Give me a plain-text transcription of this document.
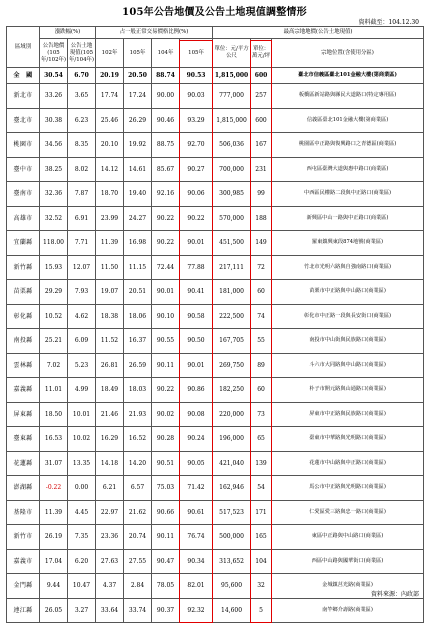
105年公告地價及公告土地現值調整情形
資料截至：104.12.30
區域別	漲跌幅(%)		占一般正常交易價格比例(%)				最高宗地地價(公告土地現值)		
	公告地價(105年/102年)	公告土地現值(105年/104年)	102年	105年	104年	105年	單位：元/平方公尺	單位：萬元/坪	宗地位置(含使用分區)
全　國	30.54	6.70	20.19	20.50	88.74	90.53	1,815,000	600	臺北市信義區臺北101金融大樓(第商業區)
新北市	33.26	3.65	17.74	17.24	90.00	90.03	777,000	257	板橋區新站路與縣民大道路口(特定專用區)
臺北市	30.38	6.23	25.46	26.29	90.46	93.29	1,815,000	600	信義區臺北101金融大樓(第商業區)
桃園市	34.56	8.35	20.10	19.92	88.75	92.70	506,036	167	桃園區中正路與復興路口之青德區(商業區)
臺中市	38.25	8.02	14.12	14.61	85.67	90.27	700,000	231	西屯區臺灣大道與惠中路口(商業區)
臺南市	32.36	7.87	18.70	19.40	92.16	90.06	300,985	99	中西區民權路二段與中正路口(商業區)
高雄市	32.52	6.91	23.99	24.27	90.22	90.22	570,000	188	新興區中山一路與中正路口(商業區)
宜蘭縣	118.00	7.71	11.39	16.98	90.22	90.01	451,500	149	羅東鎮興東段874地號(商業區)
新竹縣	15.93	12.07	11.50	11.15	72.44	77.88	217,111	72	竹北市光明六路與自強南路口(商業區)
苗栗縣	29.29	7.93	19.07	20.51	90.01	90.41	181,000	60	苗栗市中正路與中山路口(商業區)
彰化縣	10.52	4.62	18.38	18.06	90.10	90.58	222,500	74	彰化市中正路一段與長安街口(商業區)
南投縣	25.21	6.09	11.52	16.37	90.55	90.50	167,705	55	南投市中山街與民族路口(商業區)
雲林縣	7.02	5.23	26.81	26.59	90.11	90.01	269,750	89	斗六市大同路與中山路口(商業區)
嘉義縣	11.01	4.99	18.49	18.03	90.22	90.86	182,250	60	朴子市開元路與山通路口(商業區)
屏東縣	18.50	10.01	21.46	21.93	90.02	90.08	220,000	73	屏東市中正路與民族路口(商業區)
臺東縣	16.53	10.02	16.29	16.52	90.28	90.24	196,000	65	臺東市中華路與光明路口(商業區)
花蓮縣	31.07	13.35	14.18	14.20	90.51	90.05	421,040	139	花蓮市中山路與中正路口(商業區)
澎湖縣	-0.22	0.00	6.21	6.57	75.03	71.42	162,946	54	馬公市中正路與光明路口(商業區)
基隆市	11.39	4.45	22.97	21.62	90.66	90.61	517,523	171	仁愛區愛三路與忠一路口(商業區)
新竹市	26.19	7.35	23.36	20.74	90.11	76.74	500,000	165	東區中正路與中山路口(商業區)
嘉義市	17.04	6.20	27.63	27.55	90.47	90.34	313,652	104	西區中山路與國華街口(商業區)
金門縣	9.44	10.47	4.37	2.84	78.05	82.01	95,600	32	金城鎮莒光路(商業區)
連江縣	26.05	3.27	33.64	33.74	90.37	92.32	14,600	5	南竿鄉介壽路(商業區)
資料來源：內政部
